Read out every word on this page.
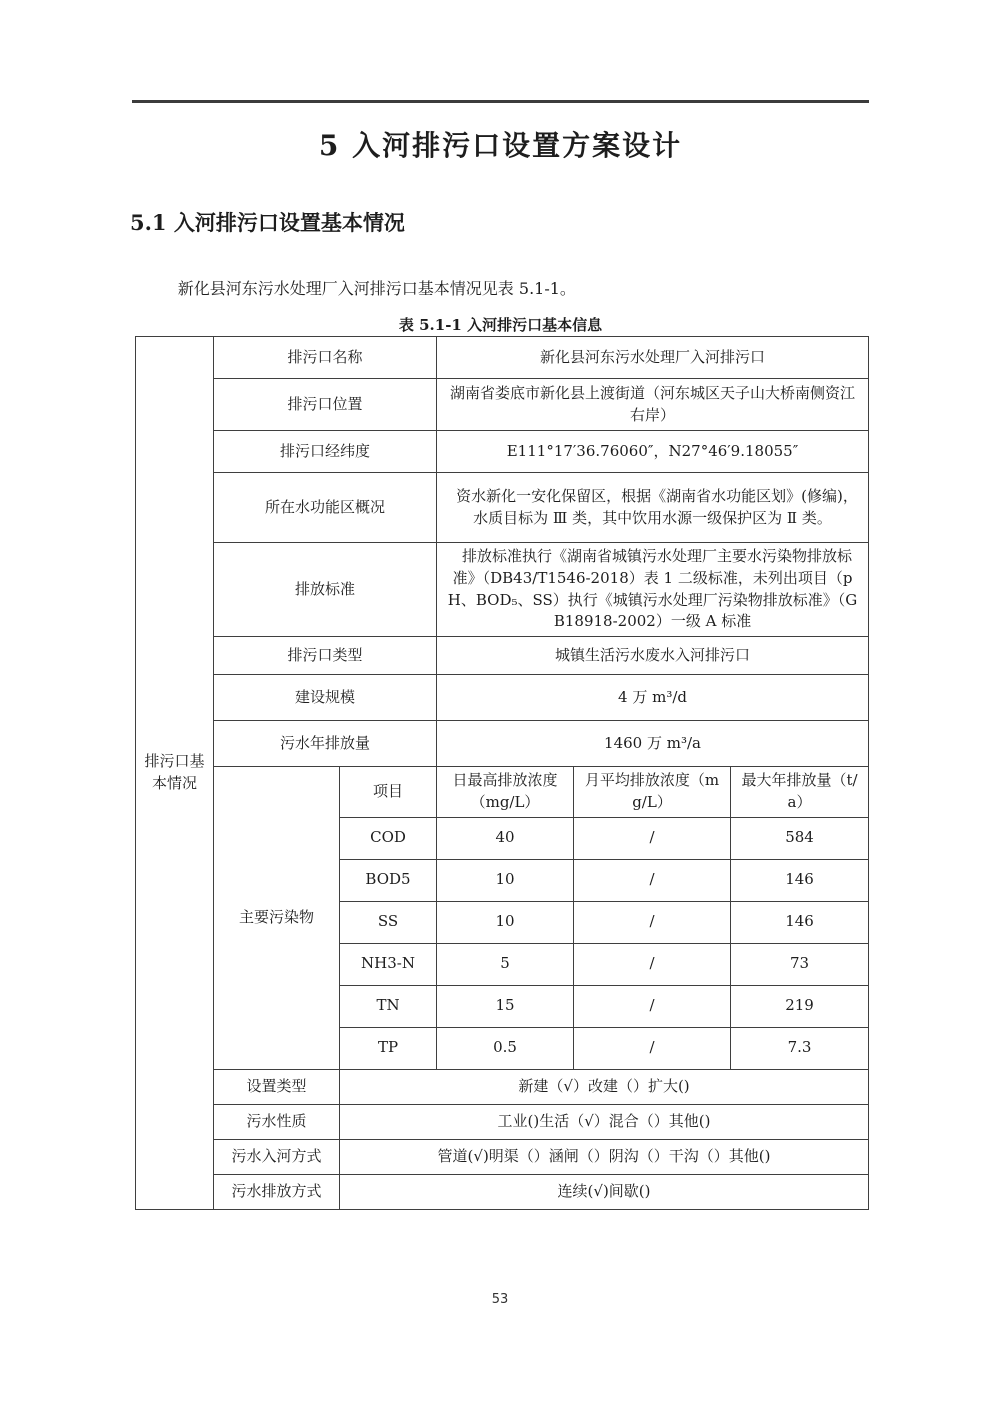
5 入河排污口设置方案设计
5.1 入河排污口设置基本情况

新化县河东污水处理厂入河排污口基本情况见表 5.1-1。

表 5.1-1 入河排污口基本信息
排污口基本情况	排污口名称		新化县河东污水处理厂入河排污口		
	排污口位置		湖南省娄底市新化县上渡街道（河东城区天子山大桥南侧资江右岸）		
	排污口经纬度		E111°17′36.76060″，N27°46′9.18055″		
	所在水功能区概况		资水新化一安化保留区，根据《湖南省水功能区划》(修编)，水质目标为 Ⅲ 类，其中饮用水源一级保护区为 Ⅱ 类。		
	排放标准		排放标准执行《湖南省城镇污水处理厂主要水污染物排放标准》（DB43/T1546-2018）表 1 二级标准，未列出项目（pH、BOD₅、SS）执行《城镇污水处理厂污染物排放标准》（GB18918-2002）一级 A 标准		
	排污口类型		城镇生活污水废水入河排污口		
	建设规模		4 万 m³/d		
	污水年排放量		1460 万 m³/a		
	主要污染物	项目	日最高排放浓度（mg/L）	月平均排放浓度（mg/L）	最大年排放量（t/a）
		COD	40	/	584
		BOD5	10	/	146
		SS	10	/	146
		NH3-N	5	/	73
		TN	15	/	219
		TP	0.5	/	7.3
	设置类型	新建（√）改建（）扩大()			
	污水性质	工业()生活（√）混合（）其他()			
	污水入河方式	管道(√)明渠（）涵闸（）阴沟（）干沟（）其他()			
	污水排放方式	连续(√)间歇()			
53
